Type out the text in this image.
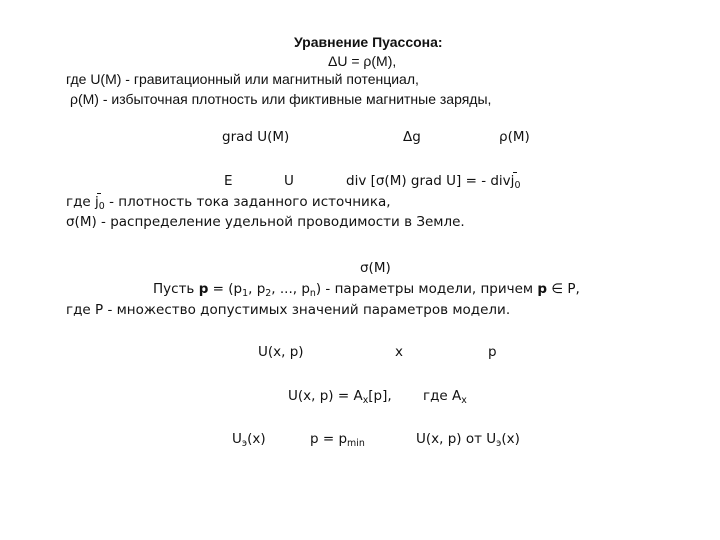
Уравнение Пуассона:
ΔU = ρ(M),
где U(M) - гравитационный или магнитный потенциал,
ρ(M) - избыточная плотность или фиктивные магнитные заряды,
grad U(M)	Δg	ρ(M)
E	U	div [σ(M) grad U] = - divj$_0$
где $j_0$ - плотность тока заданного источника,
σ(M) - распределение удельной проводимости в Земле.
σ(M)
Пусть $p = (p_1$, $p_2$, ..., $p_n$) - параметры модели, причем p ∈ P,
где P - множество допустимых значений параметров модели.
U(x, p)	x	p
U(x, $p) = A_x[p]$, где $A_x$
$U_э(x)$	$p = p_{min}$	U(x, p) от $U_э(x)$
